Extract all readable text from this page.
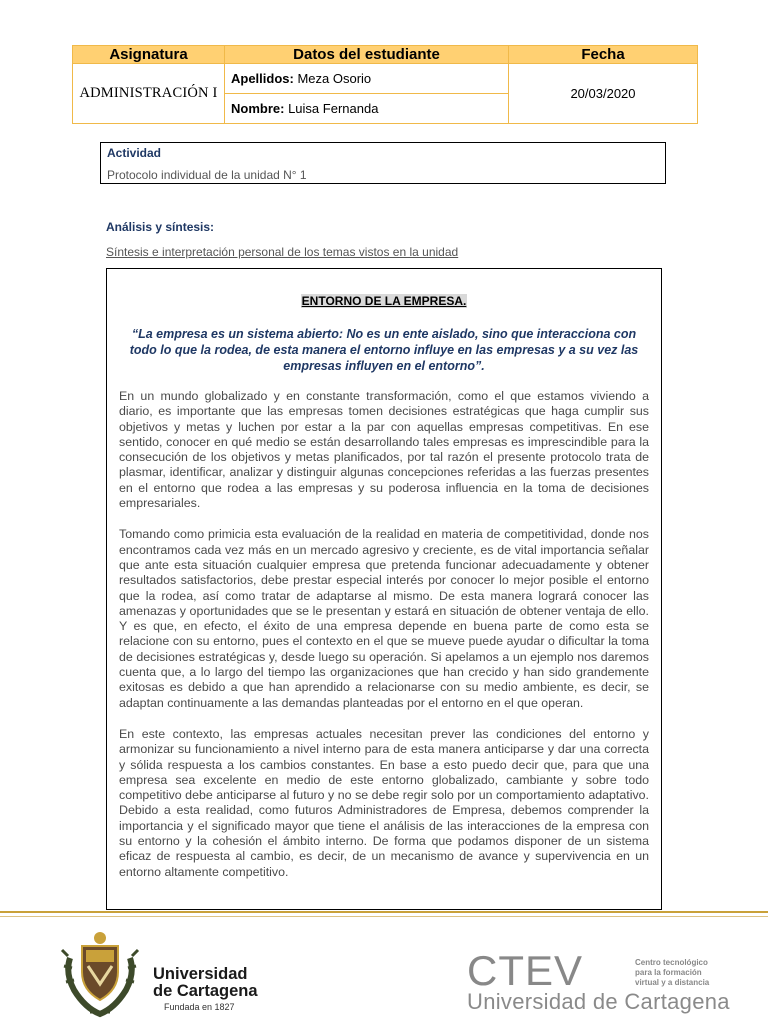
Asignatura	Datos del estudiante	Fecha
ADMINISTRACIÓN I	Apellidos: Meza Osorio	20/03/2020
	Nombre: Luisa Fernanda	
Actividad
Protocolo individual de la unidad N° 1
Análisis y síntesis:
Síntesis e interpretación personal de los temas vistos en la unidad
ENTORNO DE LA EMPRESA.

“La empresa es un sistema abierto: No es un ente aislado, sino que interacciona con todo lo que la rodea, de esta manera el entorno influye en las empresas y a su vez las empresas influyen en el entorno”.

En un mundo globalizado y en constante transformación, como el que estamos viviendo a diario, es importante que las empresas tomen decisiones estratégicas que haga cumplir sus objetivos y metas y luchen por estar a la par con aquellas empresas competitivas. En ese sentido, conocer en qué medio se están desarrollando tales empresas es imprescindible para la consecución de los objetivos y metas planificados, por tal razón el presente protocolo trata de plasmar, identificar, analizar y distinguir algunas concepciones referidas a las fuerzas presentes en el entorno que rodea a las empresas y su poderosa influencia en la toma de decisiones empresariales.

Tomando como primicia esta evaluación de la realidad en materia de competitividad, donde nos encontramos cada vez más en un mercado agresivo y creciente, es de vital importancia señalar que ante esta situación cualquier empresa que pretenda funcionar adecuadamente y obtener resultados satisfactorios, debe prestar especial interés por conocer lo mejor posible el entorno que la rodea, así como tratar de adaptarse al mismo. De esta manera logrará conocer las amenazas y oportunidades que se le presentan y estará en situación de obtener ventaja de ello. Y es que, en efecto, el éxito de una empresa depende en buena parte de como esta se relacione con su entorno, pues el contexto en el que se mueve puede ayudar o dificultar la toma de decisiones estratégicas y, desde luego su operación. Si apelamos a un ejemplo nos daremos cuenta que, a lo largo del tiempo las organizaciones que han crecido y han sido grandemente exitosas es debido a que han aprendido a relacionarse con su medio ambiente, es decir, se adaptan continuamente a las demandas planteadas por el entorno en el que operan.

En este contexto, las empresas actuales necesitan prever las condiciones del entorno y armonizar su funcionamiento a nivel interno para de esta manera anticiparse y dar una correcta y sólida respuesta a los cambios constantes. En base a esto puedo decir que, para que una empresa sea excelente en medio de este entorno globalizado, cambiante y sobre todo competitivo debe anticiparse al futuro y no se debe regir solo por un comportamiento adaptativo. Debido a esta realidad, como futuros Administradores de Empresa, debemos comprender la importancia y el significado mayor que tiene el análisis de las interacciones de la empresa con su entorno y la cohesión el ámbito interno. De forma que podamos disponer de un sistema eficaz de respuesta al cambio, es decir, de un mecanismo de avance y supervivencia en un entorno altamente competitivo.

Universidad
de Cartagena
Fundada en 1827
CTEV	Centro tecnológico
para la formación
virtual y a distancia
Universidad de Cartagena
